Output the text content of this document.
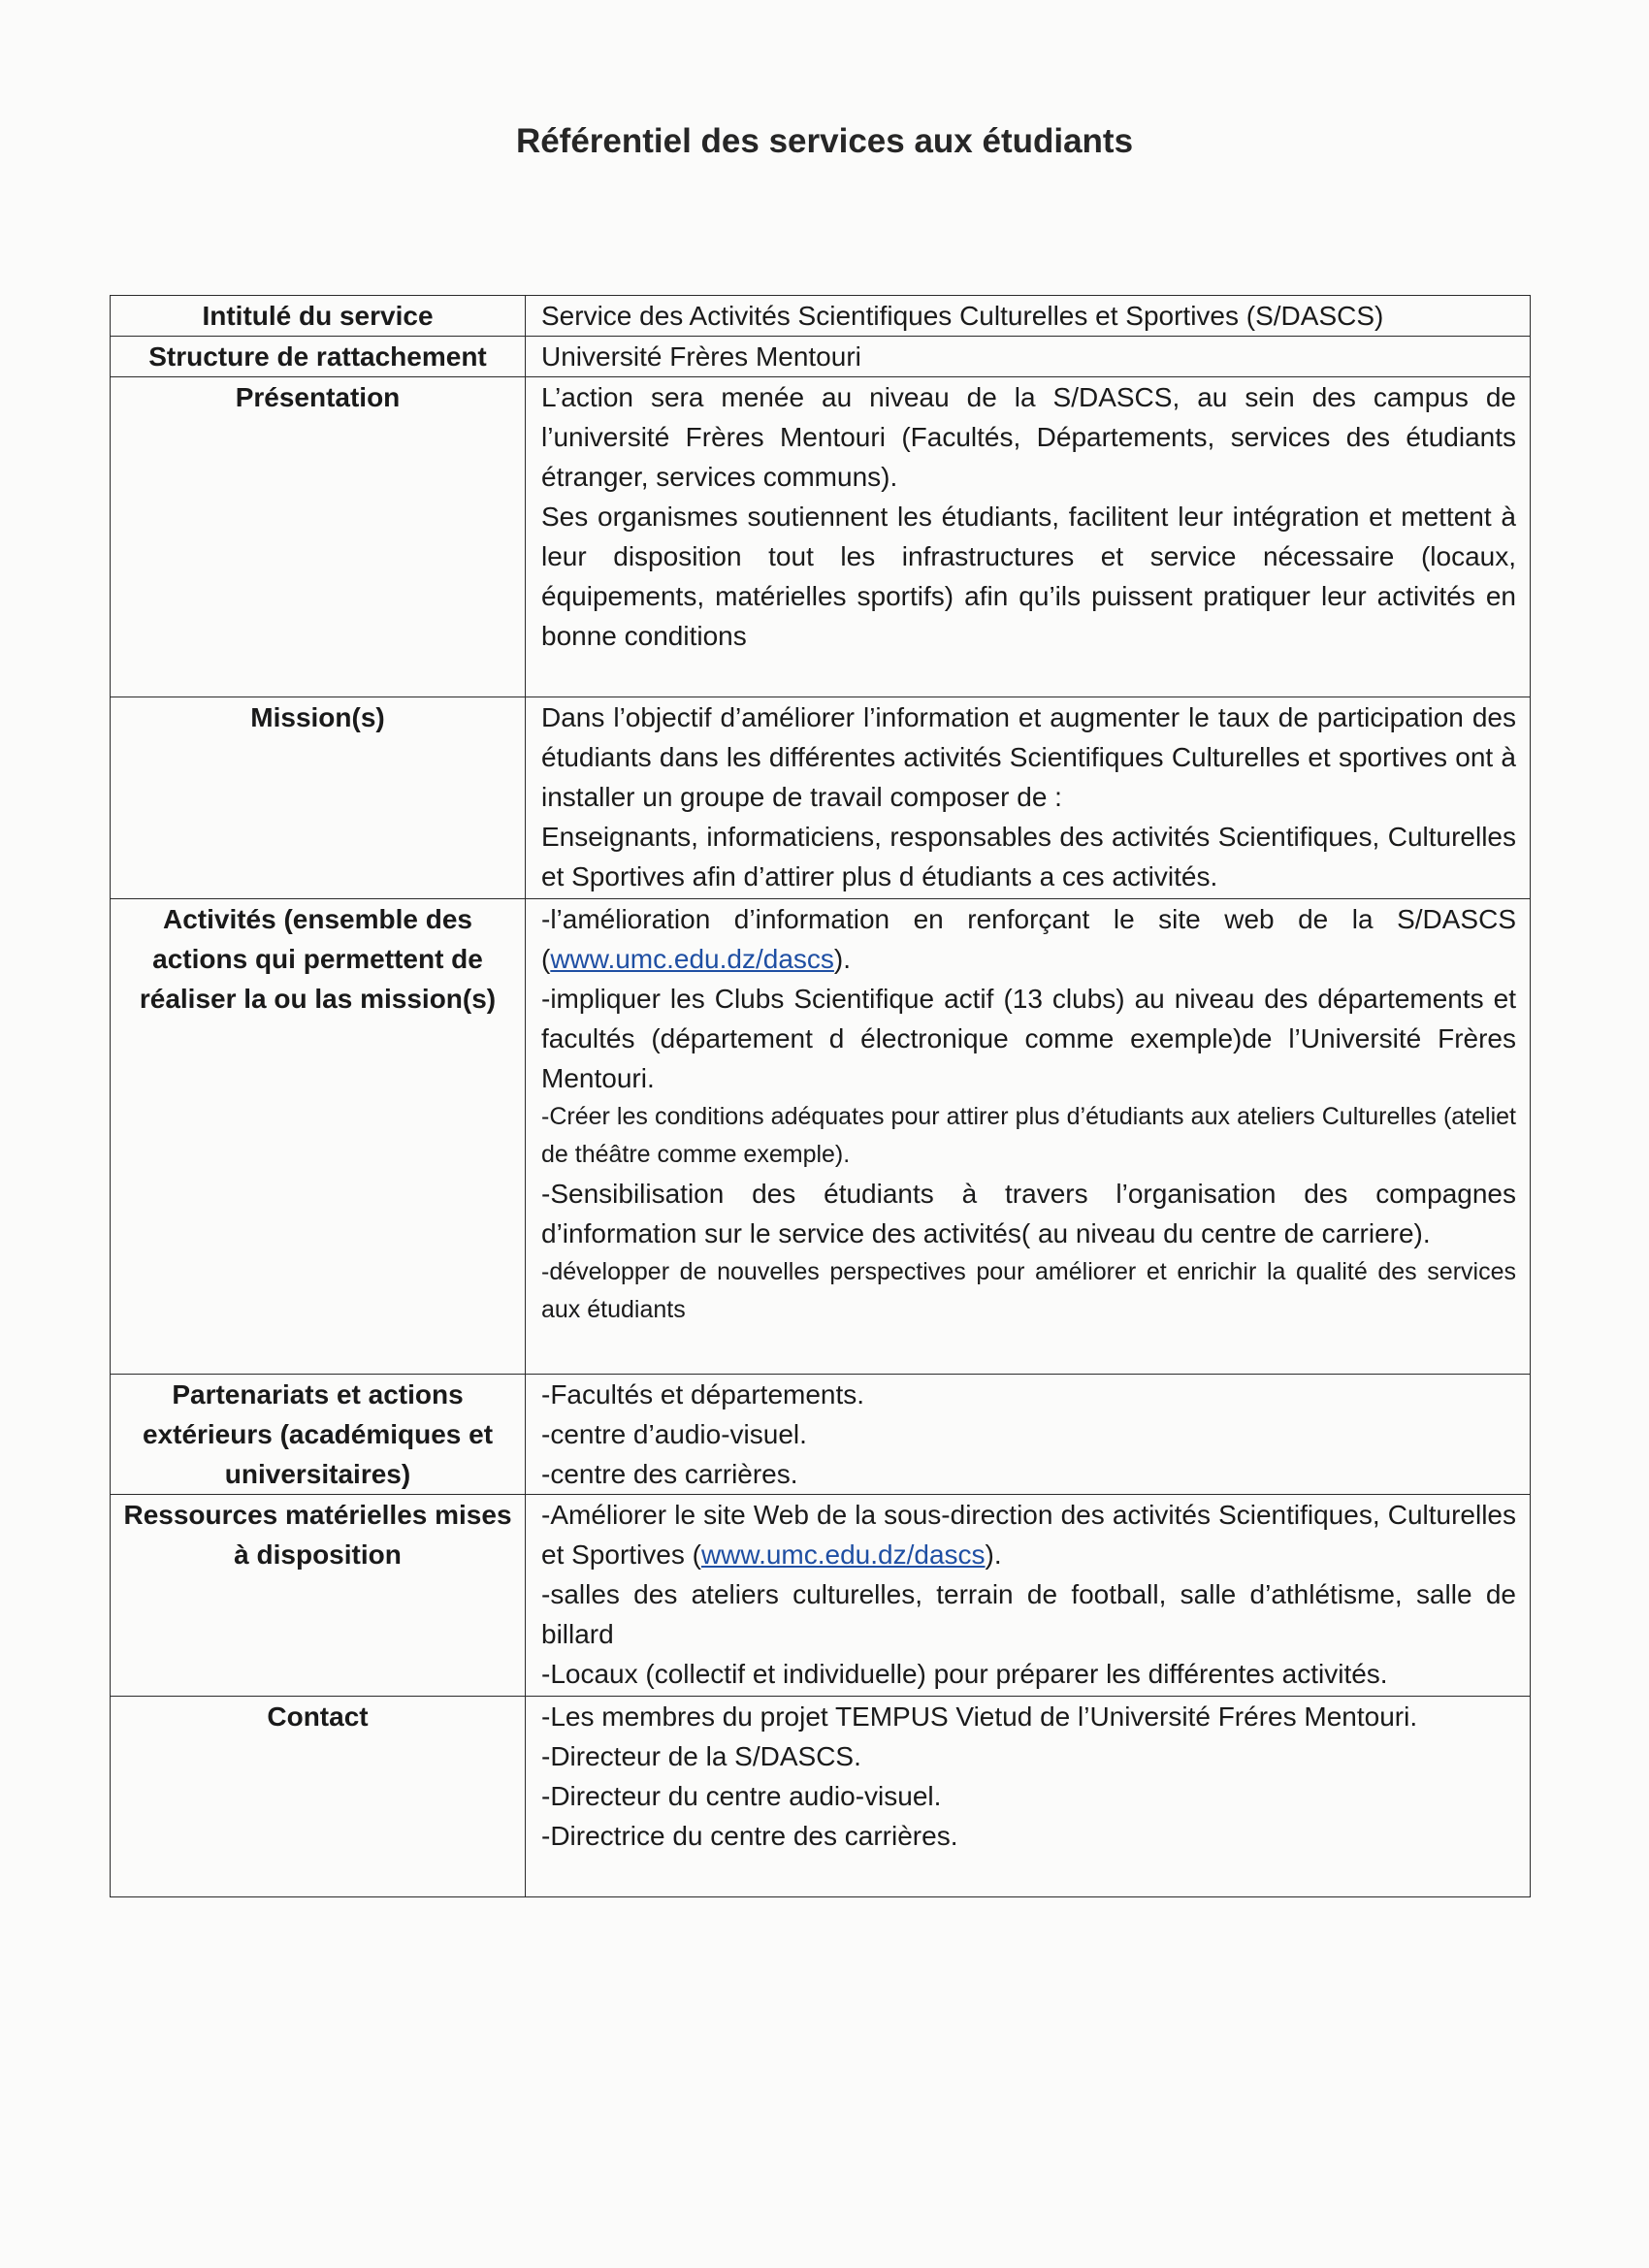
Référentiel des services aux étudiants
Intitulé du service	Service des Activités Scientifiques Culturelles et Sportives (S/DASCS)
Structure de rattachement	Université Frères Mentouri
Présentation	L’action sera menée au niveau de la S/DASCS, au sein des campus de l’université Frères Mentouri (Facultés, Départements, services des étudiants étranger, services communs).

Ses organismes soutiennent les étudiants, facilitent leur intégration et mettent à leur disposition tout les infrastructures et service nécessaire (locaux, équipements, matérielles sportifs) afin qu’ils puissent pratiquer leur activités en bonne conditions

Mission(s)	Dans l’objectif d’améliorer l’information et augmenter le taux de participation des étudiants dans les différentes activités Scientifiques Culturelles et sportives ont à installer un groupe de travail composer de :

Enseignants, informaticiens, responsables des activités Scientifiques, Culturelles et Sportives afin d’attirer plus d étudiants a ces activités.

Activités (ensemble des actions qui permettent de réaliser la ou las mission(s)	-l’amélioration d’information en renforçant le site web de la S/DASCS (www.umc.edu.dz/dascs).

-impliquer les Clubs Scientifique actif (13 clubs) au niveau des départements et facultés (département d électronique comme exemple)de l’Université Frères Mentouri.

-Créer les conditions adéquates pour attirer plus d’étudiants aux ateliers Culturelles (ateliet de théâtre comme exemple).

-Sensibilisation des étudiants à travers l’organisation des compagnes d’information sur le service des activités( au niveau du centre de carriere).

-développer de nouvelles perspectives pour améliorer et enrichir la qualité des services aux étudiants

Partenariats et actions extérieurs (académiques et universitaires)	-Facultés et départements.

-centre d’audio-visuel.

-centre des carrières.

Ressources matérielles mises à disposition	-Améliorer le site Web de la sous-direction des activités Scientifiques, Culturelles et Sportives (www.umc.edu.dz/dascs).

-salles des ateliers culturelles, terrain de football, salle d’athlétisme, salle de billard

-Locaux (collectif et individuelle) pour préparer les différentes activités.

Contact	-Les membres du projet TEMPUS Vietud de l’Université Fréres Mentouri.

-Directeur de la S/DASCS.

-Directeur du centre audio-visuel.

-Directrice du centre des carrières.
